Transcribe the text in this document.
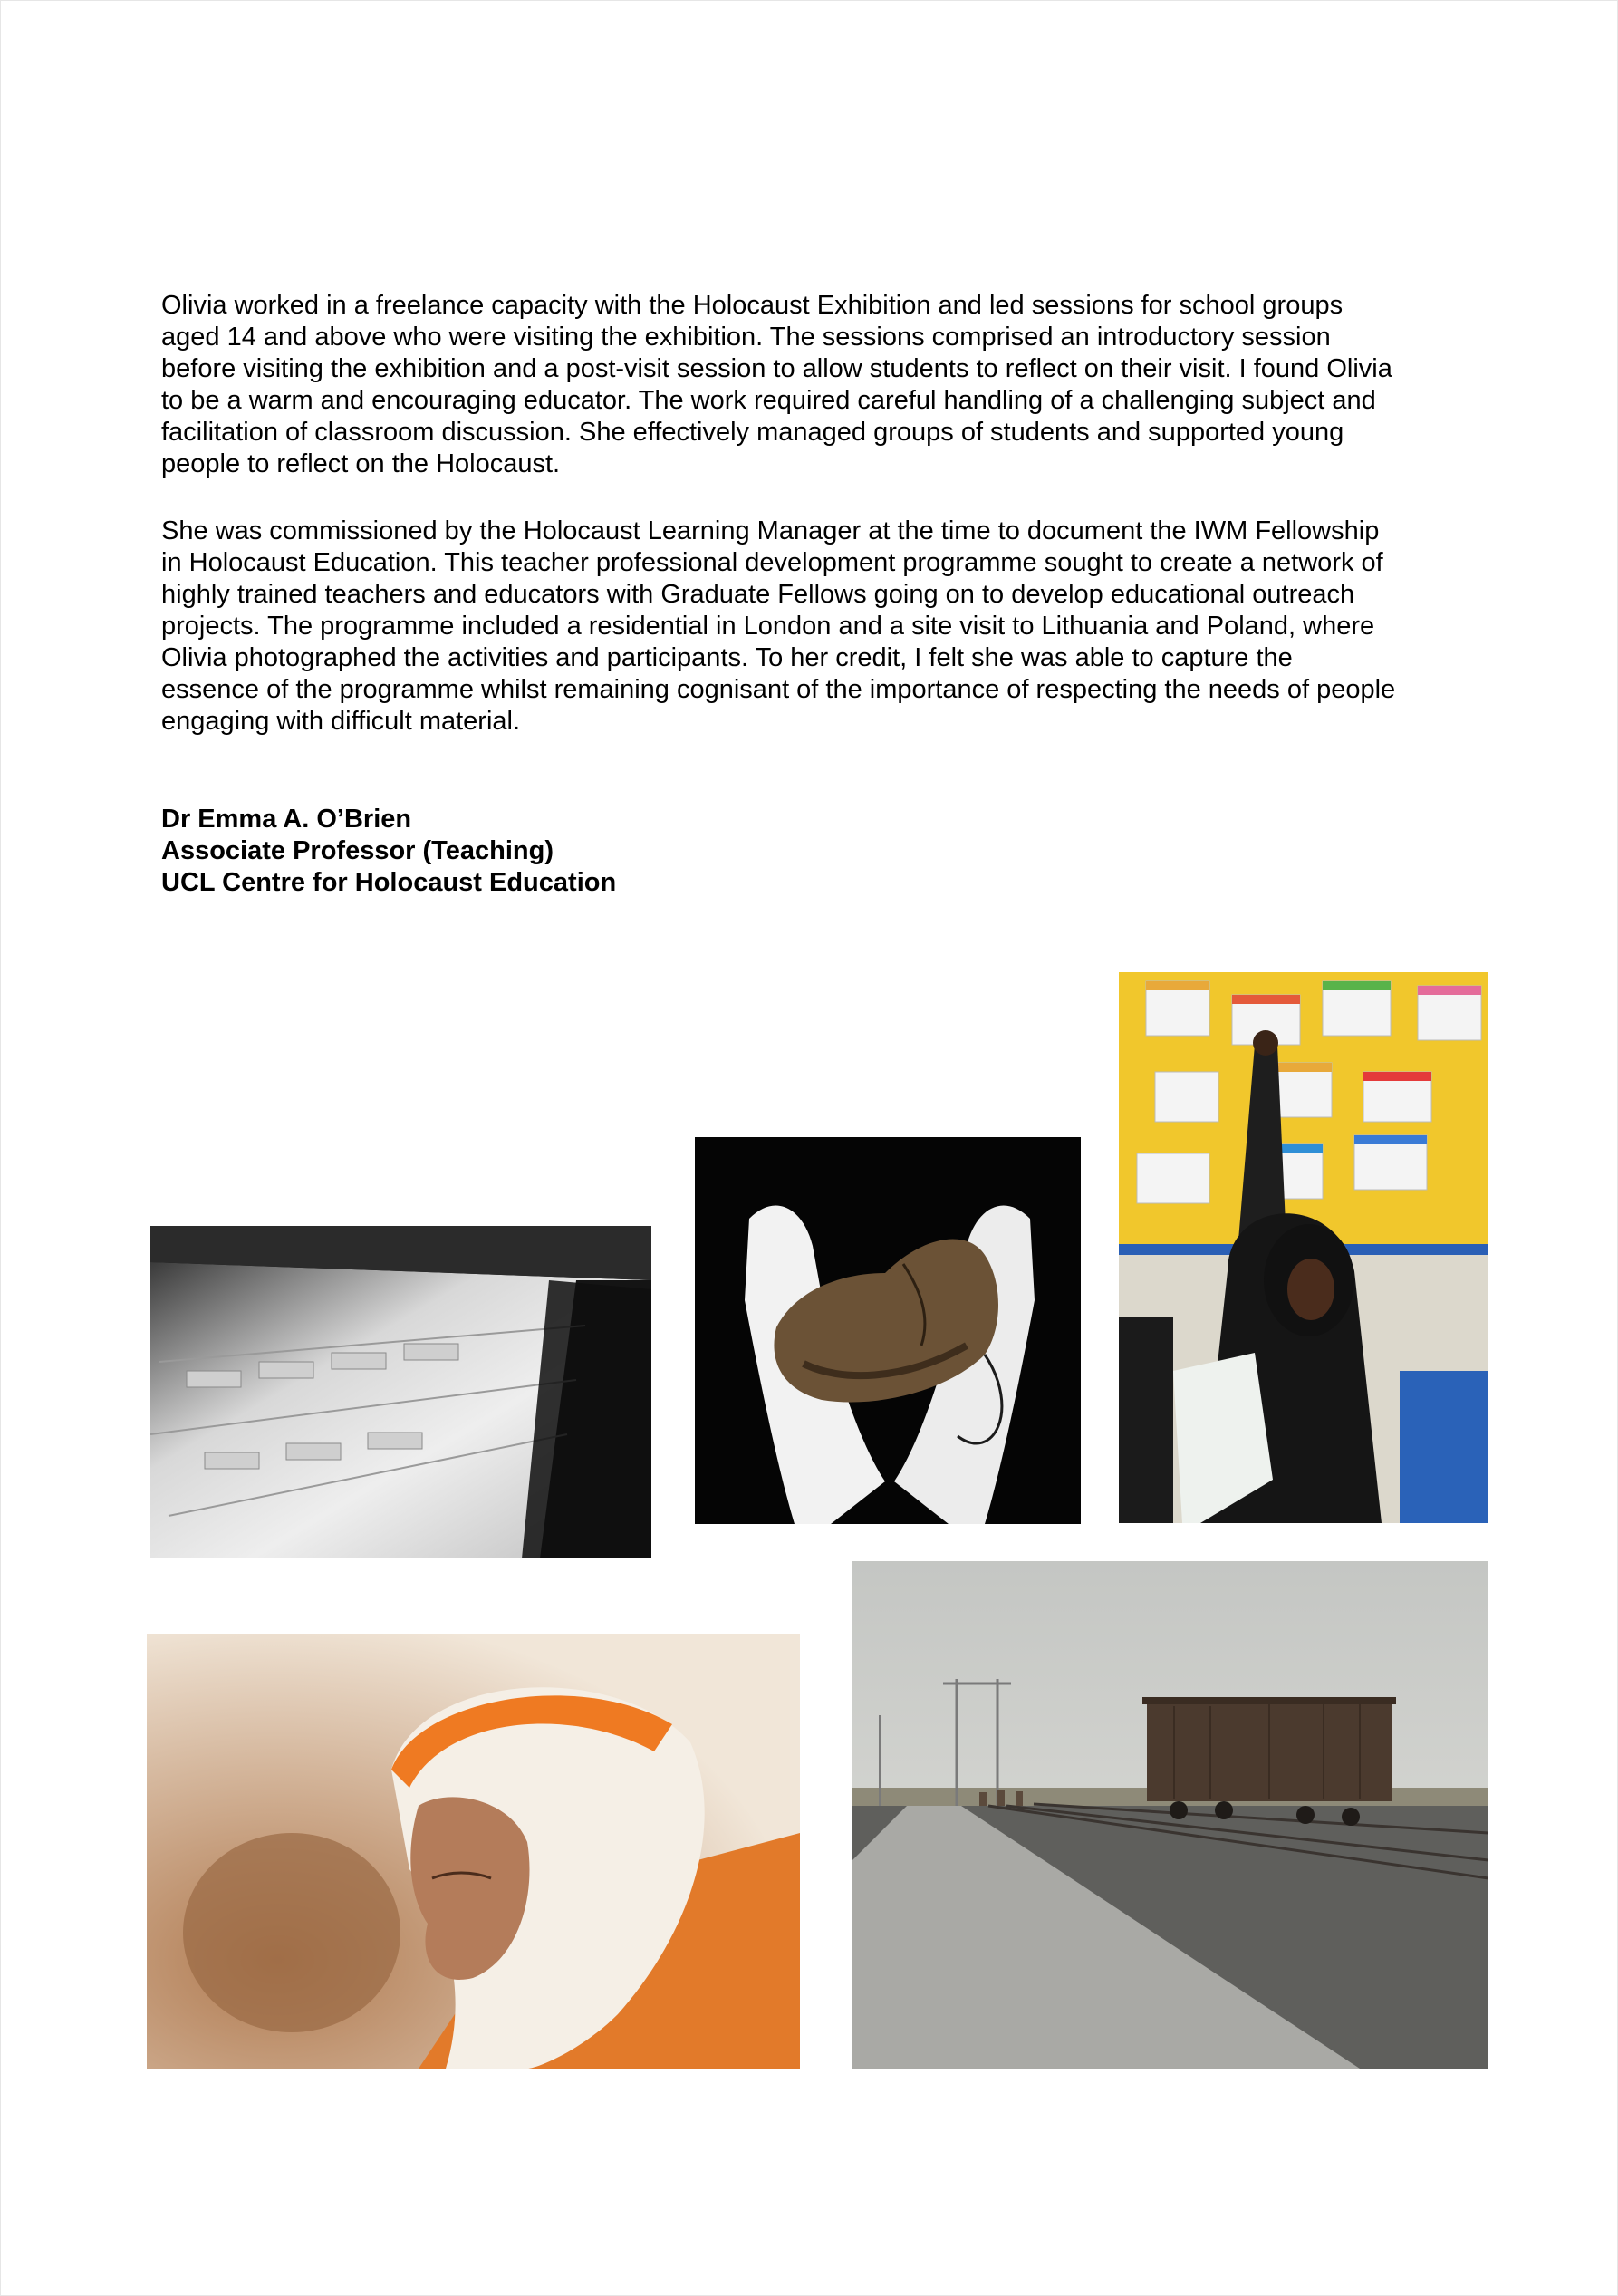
Olivia worked in a freelance capacity with the Holocaust Exhibition and led sessions for school groups
aged 14 and above who were visiting the exhibition. The sessions comprised an introductory session
before visiting the exhibition and a post-visit session to allow students to reflect on their visit. I found Olivia
to be a warm and encouraging educator. The work required careful handling of a challenging subject and
facilitation of classroom discussion. She effectively managed groups of students and supported young
people to reflect on the Holocaust.

She was commissioned by the Holocaust Learning Manager at the time to document the IWM Fellowship
in Holocaust Education. This teacher professional development programme sought to create a network of
highly trained teachers and educators with Graduate Fellows going on to develop educational outreach
projects. The programme included a residential in London and a site visit to Lithuania and Poland, where
Olivia photographed the activities and participants. To her credit, I felt she was able to capture the
essence of the programme whilst remaining cognisant of the importance of respecting the needs of people
engaging with difficult material.

Dr Emma A. O’Brien
Associate Professor (Teaching)
UCL Centre for Holocaust Education
